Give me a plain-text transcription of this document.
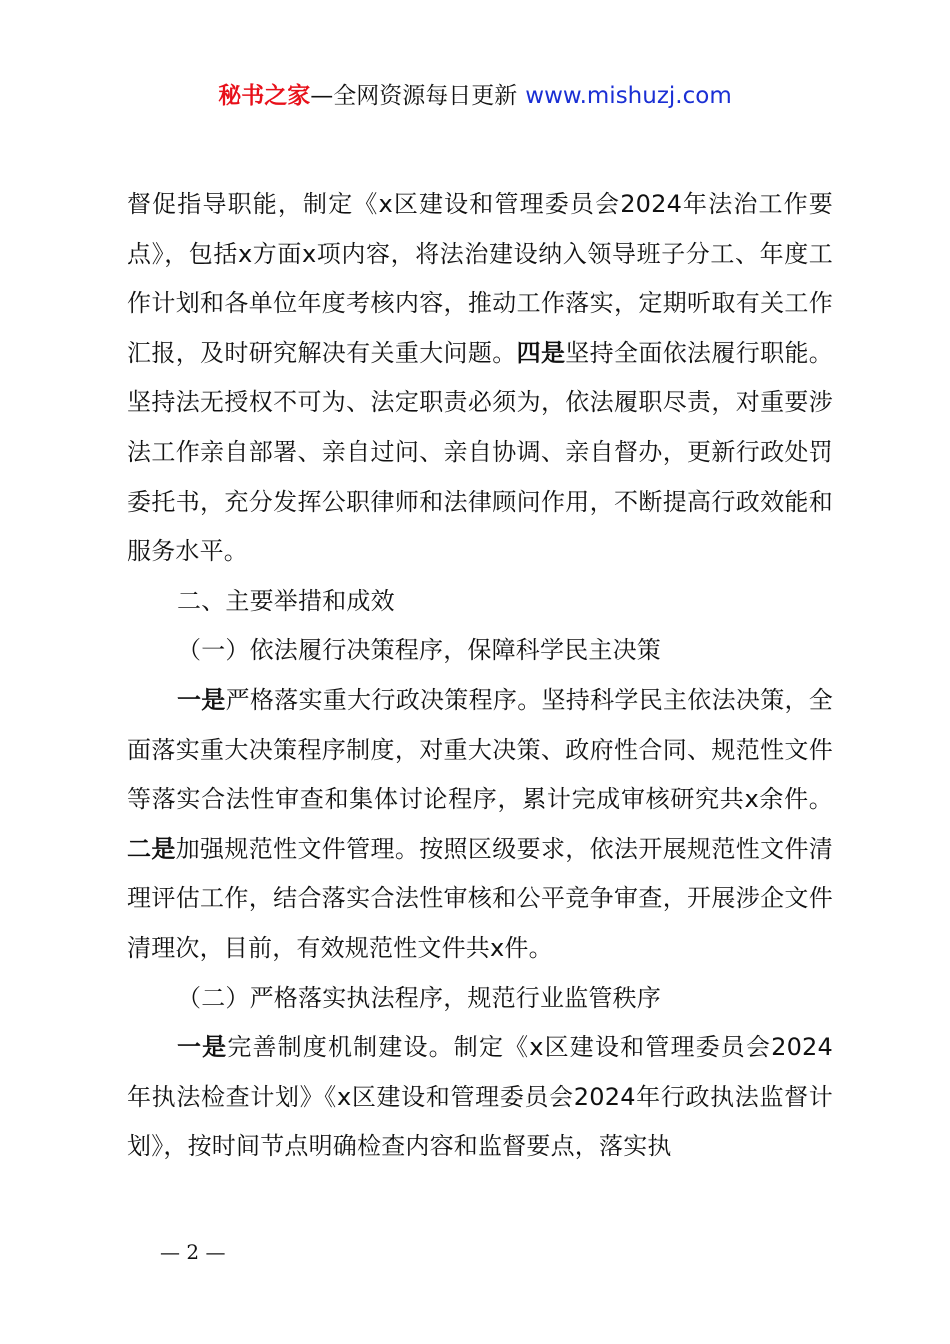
秘书之家—全网资源每日更新 www.mishuzj.com

督促指导职能，制定《x区建设和管理委员会2024年法治工作要点》，包括x方面x项内容，将法治建设纳入领导班子分工、年度工作计划和各单位年度考核内容，推动工作落实，定期听取有关工作汇报，及时研究解决有关重大问题。四是坚持全面依法履行职能。坚持法无授权不可为、法定职责必须为，依法履职尽责，对重要涉法工作亲自部署、亲自过问、亲自协调、亲自督办，更新行政处罚委托书，充分发挥公职律师和法律顾问作用，不断提高行政效能和服务水平。

二、主要举措和成效

（一）依法履行决策程序，保障科学民主决策

一是严格落实重大行政决策程序。坚持科学民主依法决策，全面落实重大决策程序制度，对重大决策、政府性合同、规范性文件等落实合法性审查和集体讨论程序，累计完成审核研究共x余件。二是加强规范性文件管理。按照区级要求，依法开展规范性文件清理评估工作，结合落实合法性审核和公平竞争审查，开展涉企文件清理次，目前，有效规范性文件共x件。

（二）严格落实执法程序，规范行业监管秩序

一是完善制度机制建设。制定《x区建设和管理委员会2024年执法检查计划》《x区建设和管理委员会2024年行政执法监督计划》，按时间节点明确检查内容和监督要点，落实执

— 2 —
